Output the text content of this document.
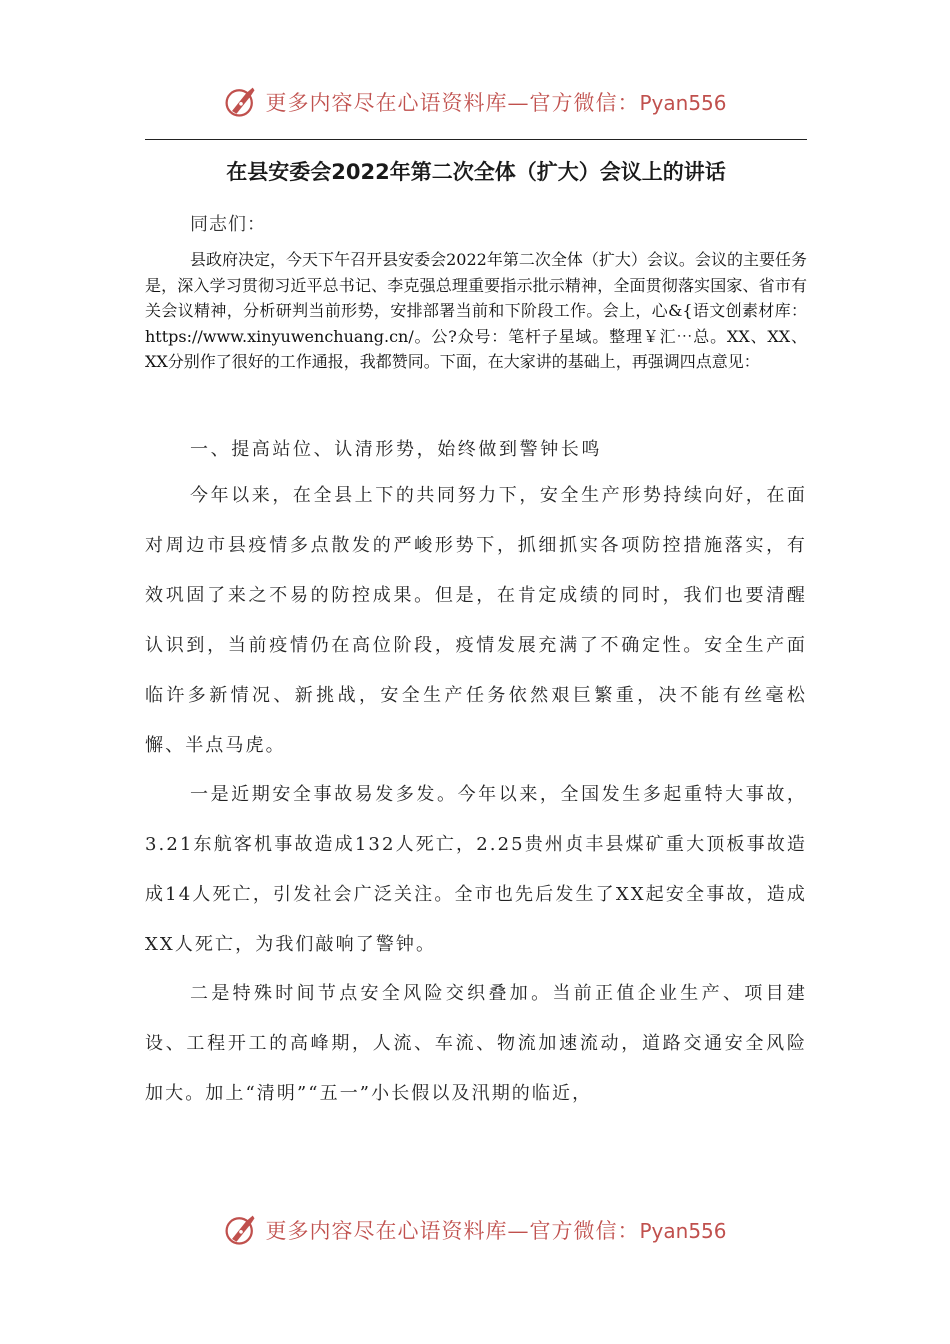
更多内容尽在心语资料库—官方微信：Pyan556
在县安委会2022年第二次全体（扩大）会议上的讲话
同志们：

县政府决定，今天下午召开县安委会2022年第二次全体（扩大）会议。会议的主要任务是，深入学习贯彻习近平总书记、李克强总理重要指示批示精神，全面贯彻落实国家、省市有关会议精神，分析研判当前形势，安排部署当前和下阶段工作。会上，心&{语文创素材库：https://www.xinyuwenchuang.cn/。公?众号：笔杆子星域。整理￥汇⋯总。XX、XX、XX分别作了很好的工作通报，我都赞同。下面，在大家讲的基础上，再强调四点意见：

一、提高站位、认清形势，始终做到警钟长鸣

今年以来，在全县上下的共同努力下，安全生产形势持续向好，在面对周边市县疫情多点散发的严峻形势下，抓细抓实各项防控措施落实，有效巩固了来之不易的防控成果。但是，在肯定成绩的同时，我们也要清醒认识到，当前疫情仍在高位阶段，疫情发展充满了不确定性。安全生产面临许多新情况、新挑战，安全生产任务依然艰巨繁重，决不能有丝毫松懈、半点马虎。

一是近期安全事故易发多发。今年以来，全国发生多起重特大事故，3.21东航客机事故造成132人死亡，2.25贵州贞丰县煤矿重大顶板事故造成14人死亡，引发社会广泛关注。全市也先后发生了XX起安全事故，造成XX人死亡，为我们敲响了警钟。

二是特殊时间节点安全风险交织叠加。当前正值企业生产、项目建设、工程开工的高峰期，人流、车流、物流加速流动，道路交通安全风险加大。加上“清明”“五一”小长假以及汛期的临近，

更多内容尽在心语资料库—官方微信：Pyan556
